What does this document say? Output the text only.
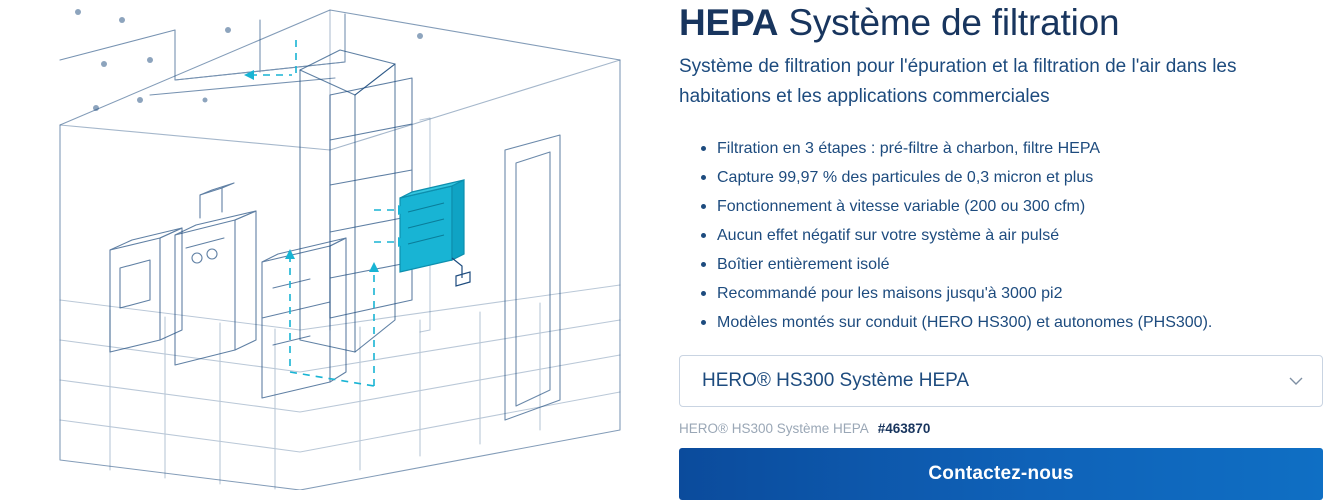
HEPA Système de filtration

Système de filtration pour l'épuration et la filtration de l'air dans les habitations et les applications commerciales

Filtration en 3 étapes : pré-filtre à charbon, filtre HEPA
Capture 99,97 % des particules de 0,3 micron et plus
Fonctionnement à vitesse variable (200 ou 300 cfm)
Aucun effet négatif sur votre système à air pulsé
Boîtier entièrement isolé
Recommandé pour les maisons jusqu'à 3000 pi2
Modèles montés sur conduit (HERO HS300) et autonomes (PHS300).
HERO® HS300 Système HEPA
HERO® HS300 Système HEPA #463870
Contactez-nous
